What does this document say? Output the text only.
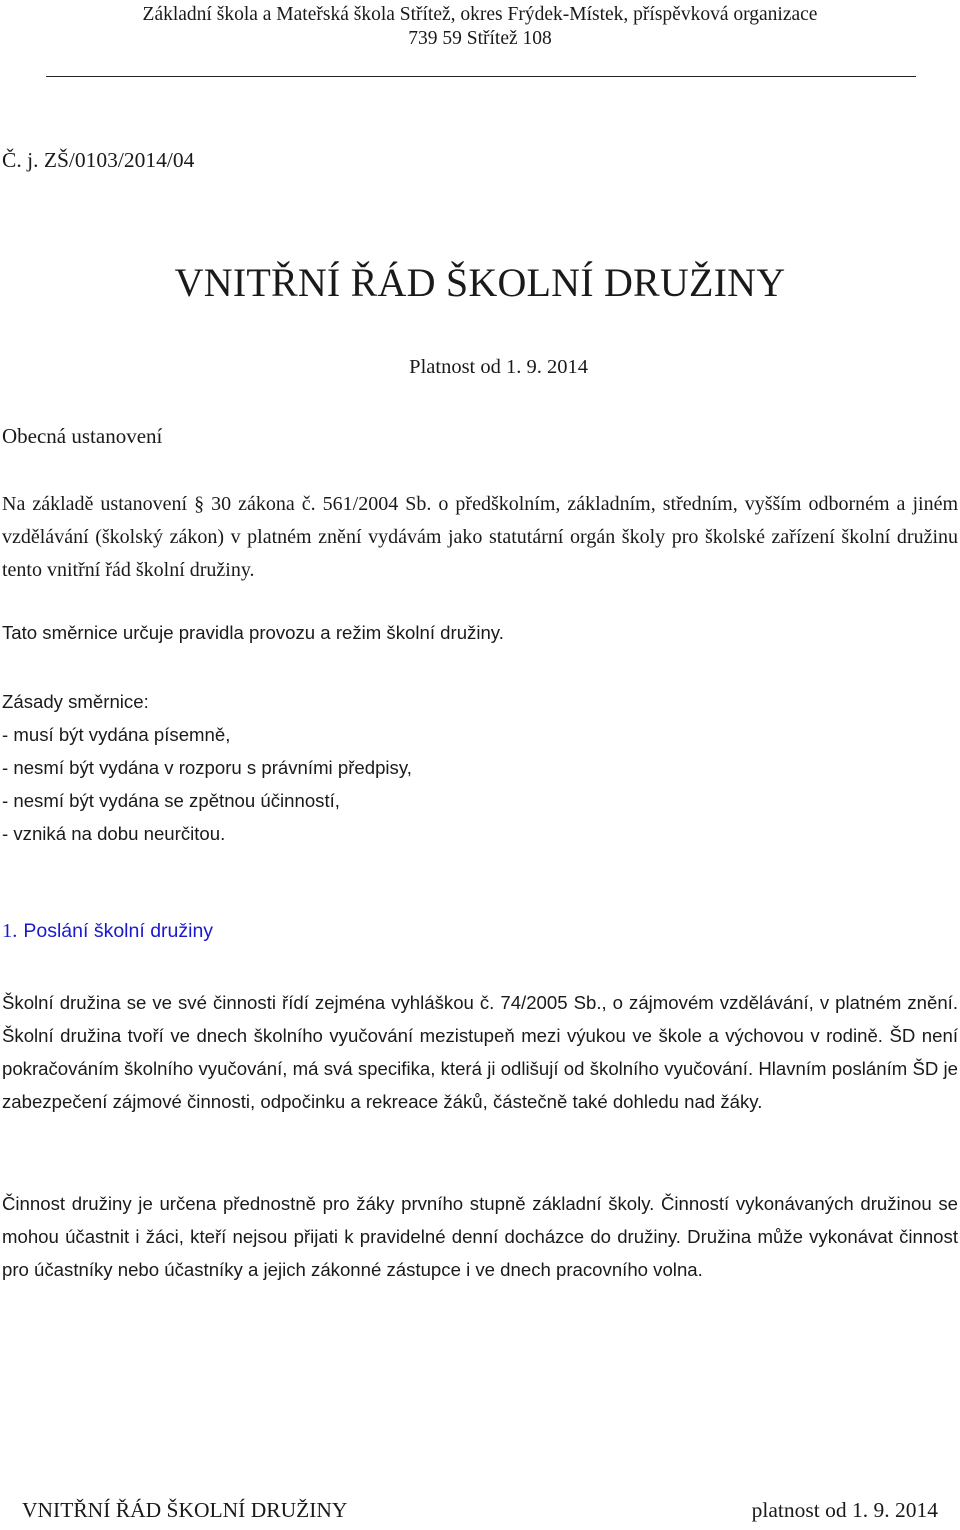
Základní škola a Mateřská škola Střítež, okres Frýdek-Místek, příspěvková organizace
739 59 Střítež 108
Č. j. ZŠ/0103/2014/04
VNITŘNÍ ŘÁD ŠKOLNÍ DRUŽINY
Platnost od 1. 9. 2014
Obecná ustanovení

Na základě ustanovení § 30 zákona č. 561/2004 Sb. o předškolním, základním, středním, vyšším odborném a jiném vzdělávání (školský zákon) v platném znění vydávám jako statutární orgán školy pro školské zařízení školní družinu tento vnitřní řád školní družiny.

Tato směrnice určuje pravidla provozu a režim školní družiny.

Zásady směrnice:
- musí být vydána písemně,
- nesmí být vydána v rozporu s právními předpisy,
- nesmí být vydána se zpětnou účinností,
- vzniká na dobu neurčitou.
1. Poslání školní družiny

Školní družina se ve své činnosti řídí zejména vyhláškou č. 74/2005 Sb., o zájmovém vzdělávání, v platném znění. Školní družina tvoří ve dnech školního vyučování mezistupeň mezi výukou ve škole a výchovou v rodině. ŠD není pokračováním školního vyučování, má svá specifika, která ji odlišují od školního vyučování. Hlavním posláním ŠD je zabezpečení zájmové činnosti, odpočinku a rekreace žáků, částečně také dohledu nad žáky.

Činnost družiny je určena přednostně pro žáky prvního stupně základní školy. Činností vykonávaných družinou se mohou účastnit i žáci, kteří nejsou přijati k pravidelné denní docházce do družiny. Družina může vykonávat činnost pro účastníky nebo účastníky a jejich zákonné zástupce i ve dnech pracovního volna.

VNITŘNÍ ŘÁD ŠKOLNÍ DRUŽINY	platnost od 1. 9. 2014
